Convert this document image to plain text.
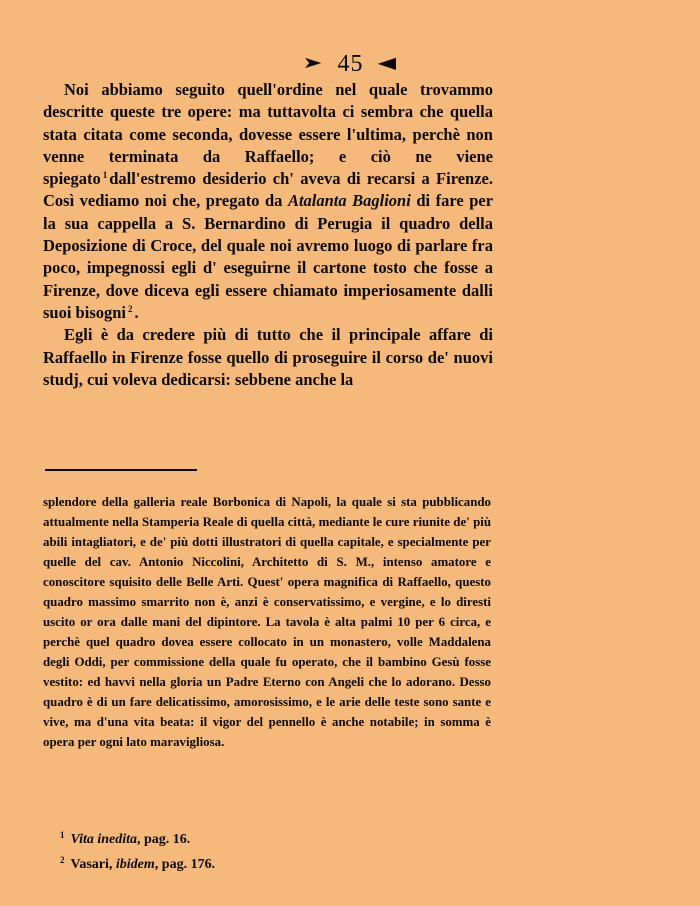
➤ 45 ◀

Noi abbiamo seguito quell'ordine nel quale trovammo descritte queste tre opere: ma tuttavolta ci sembra che quella stata citata come seconda, dovesse essere l'ultima, perchè non venne terminata da Raffaello; e ciò ne viene spiegato $^1$ dall'estremo desiderio ch' aveva di recarsi a Firenze. Così vediamo noi che, pregato da Atalanta Baglioni di fare per la sua cappella a S. Bernardino di Perugia il quadro della Deposizione di Croce, del quale noi avremo luogo di parlare fra poco, impegnossi egli d' eseguirne il cartone tosto che fosse a Firenze, dove diceva egli essere chiamato imperiosamente dalli suoi bisogni $^2$ .

Egli è da credere più di tutto che il principale affare di Raffaello in Firenze fosse quello di proseguire il corso de' nuovi studj, cui voleva dedicarsi: sebbene anche la

splendore della galleria reale Borbonica di Napoli, la quale si sta pubblicando attualmente nella Stamperia Reale di quella città, mediante le cure riunite de' più abili intagliatori, e de' più dotti illustratori di quella capitale, e specialmente per quelle del cav. Antonio Niccolini, Architetto di S. M., intenso amatore e conoscitore squisito delle Belle Arti. Quest' opera magnifica di Raffaello, questo quadro massimo smarrito non è, anzi è conservatissimo, e vergine, e lo diresti uscito or ora dalle mani del dipintore. La tavola è alta palmi 10 per 6 circa, e perchè quel quadro dovea essere collocato in un monastero, volle Maddalena degli Oddi, per commissione della quale fu operato, che il bambino Gesù fosse vestito: ed havvi nella gloria un Padre Eterno con Angeli che lo adorano. Desso quadro è di un fare delicatissimo, amorosissimo, e le arie delle teste sono sante e vive, ma d'una vita beata: il vigor del pennello è anche notabile; in somma è opera per ogni lato maravigliosa.

1 Vita inedita, pag. 16.
2 Vasari, ibidem, pag. 176.
